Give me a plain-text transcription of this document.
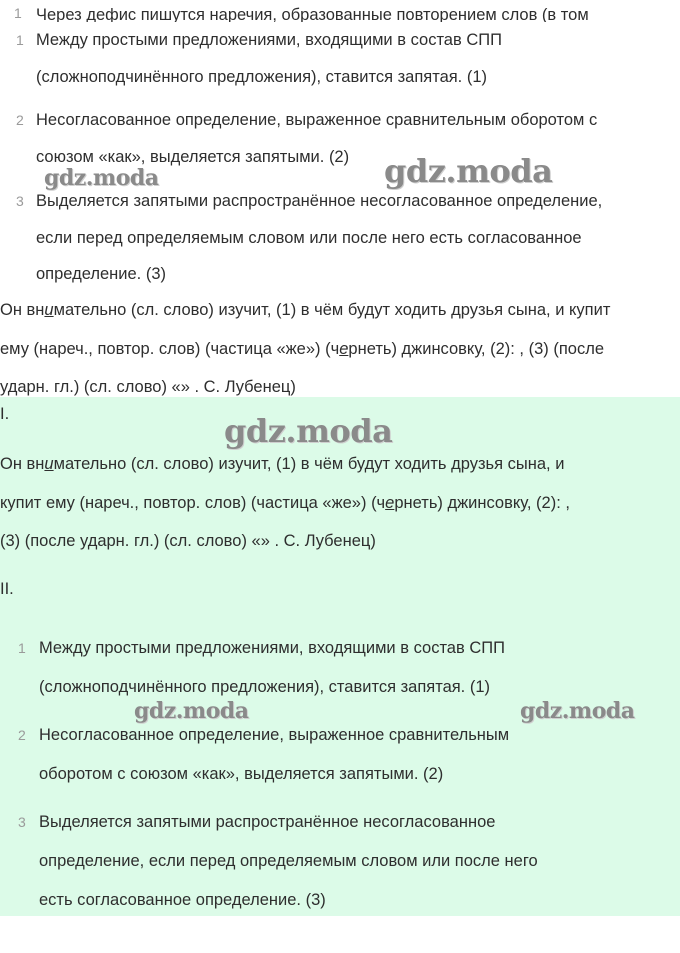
1 Через дефис пишутся наречия, образованные повторением слов (в том
1 Между простыми предложениями, входящими в состав СПП
(сложноподчинённого предложения), ставится запятая. (1)
2 Несогласованное определение, выраженное сравнительным оборотом с
союзом «как», выделяется запятыми. (2)
3 Выделяется запятыми распространённое несогласованное определение,
если перед определяемым словом или после него есть согласованное
определение. (3)
Он внимательно (сл. слово) изучит, (1) в чём будут ходить друзья сына, и купит
ему (нареч., повтор. слов) (частица «же») (чернеть) джинсовку, (2): , (3) (после
ударн. гл.) (сл. слово) «» . С. Лубенец)
I.
Он внимательно (сл. слово) изучит, (1) в чём будут ходить друзья сына, и
купит ему (нареч., повтор. слов) (частица «же») (чернеть) джинсовку, (2): ,
(3) (после ударн. гл.) (сл. слово) «» . С. Лубенец)
II.
1 Между простыми предложениями, входящими в состав СПП
(сложноподчинённого предложения), ставится запятая. (1)
2 Несогласованное определение, выраженное сравнительным
оборотом с союзом «как», выделяется запятыми. (2)
3 Выделяется запятыми распространённое несогласованное
определение, если перед определяемым словом или после него
есть согласованное определение. (3)
gdz.moda	gdz.moda
gdz.moda
gdz.moda	gdz.moda
